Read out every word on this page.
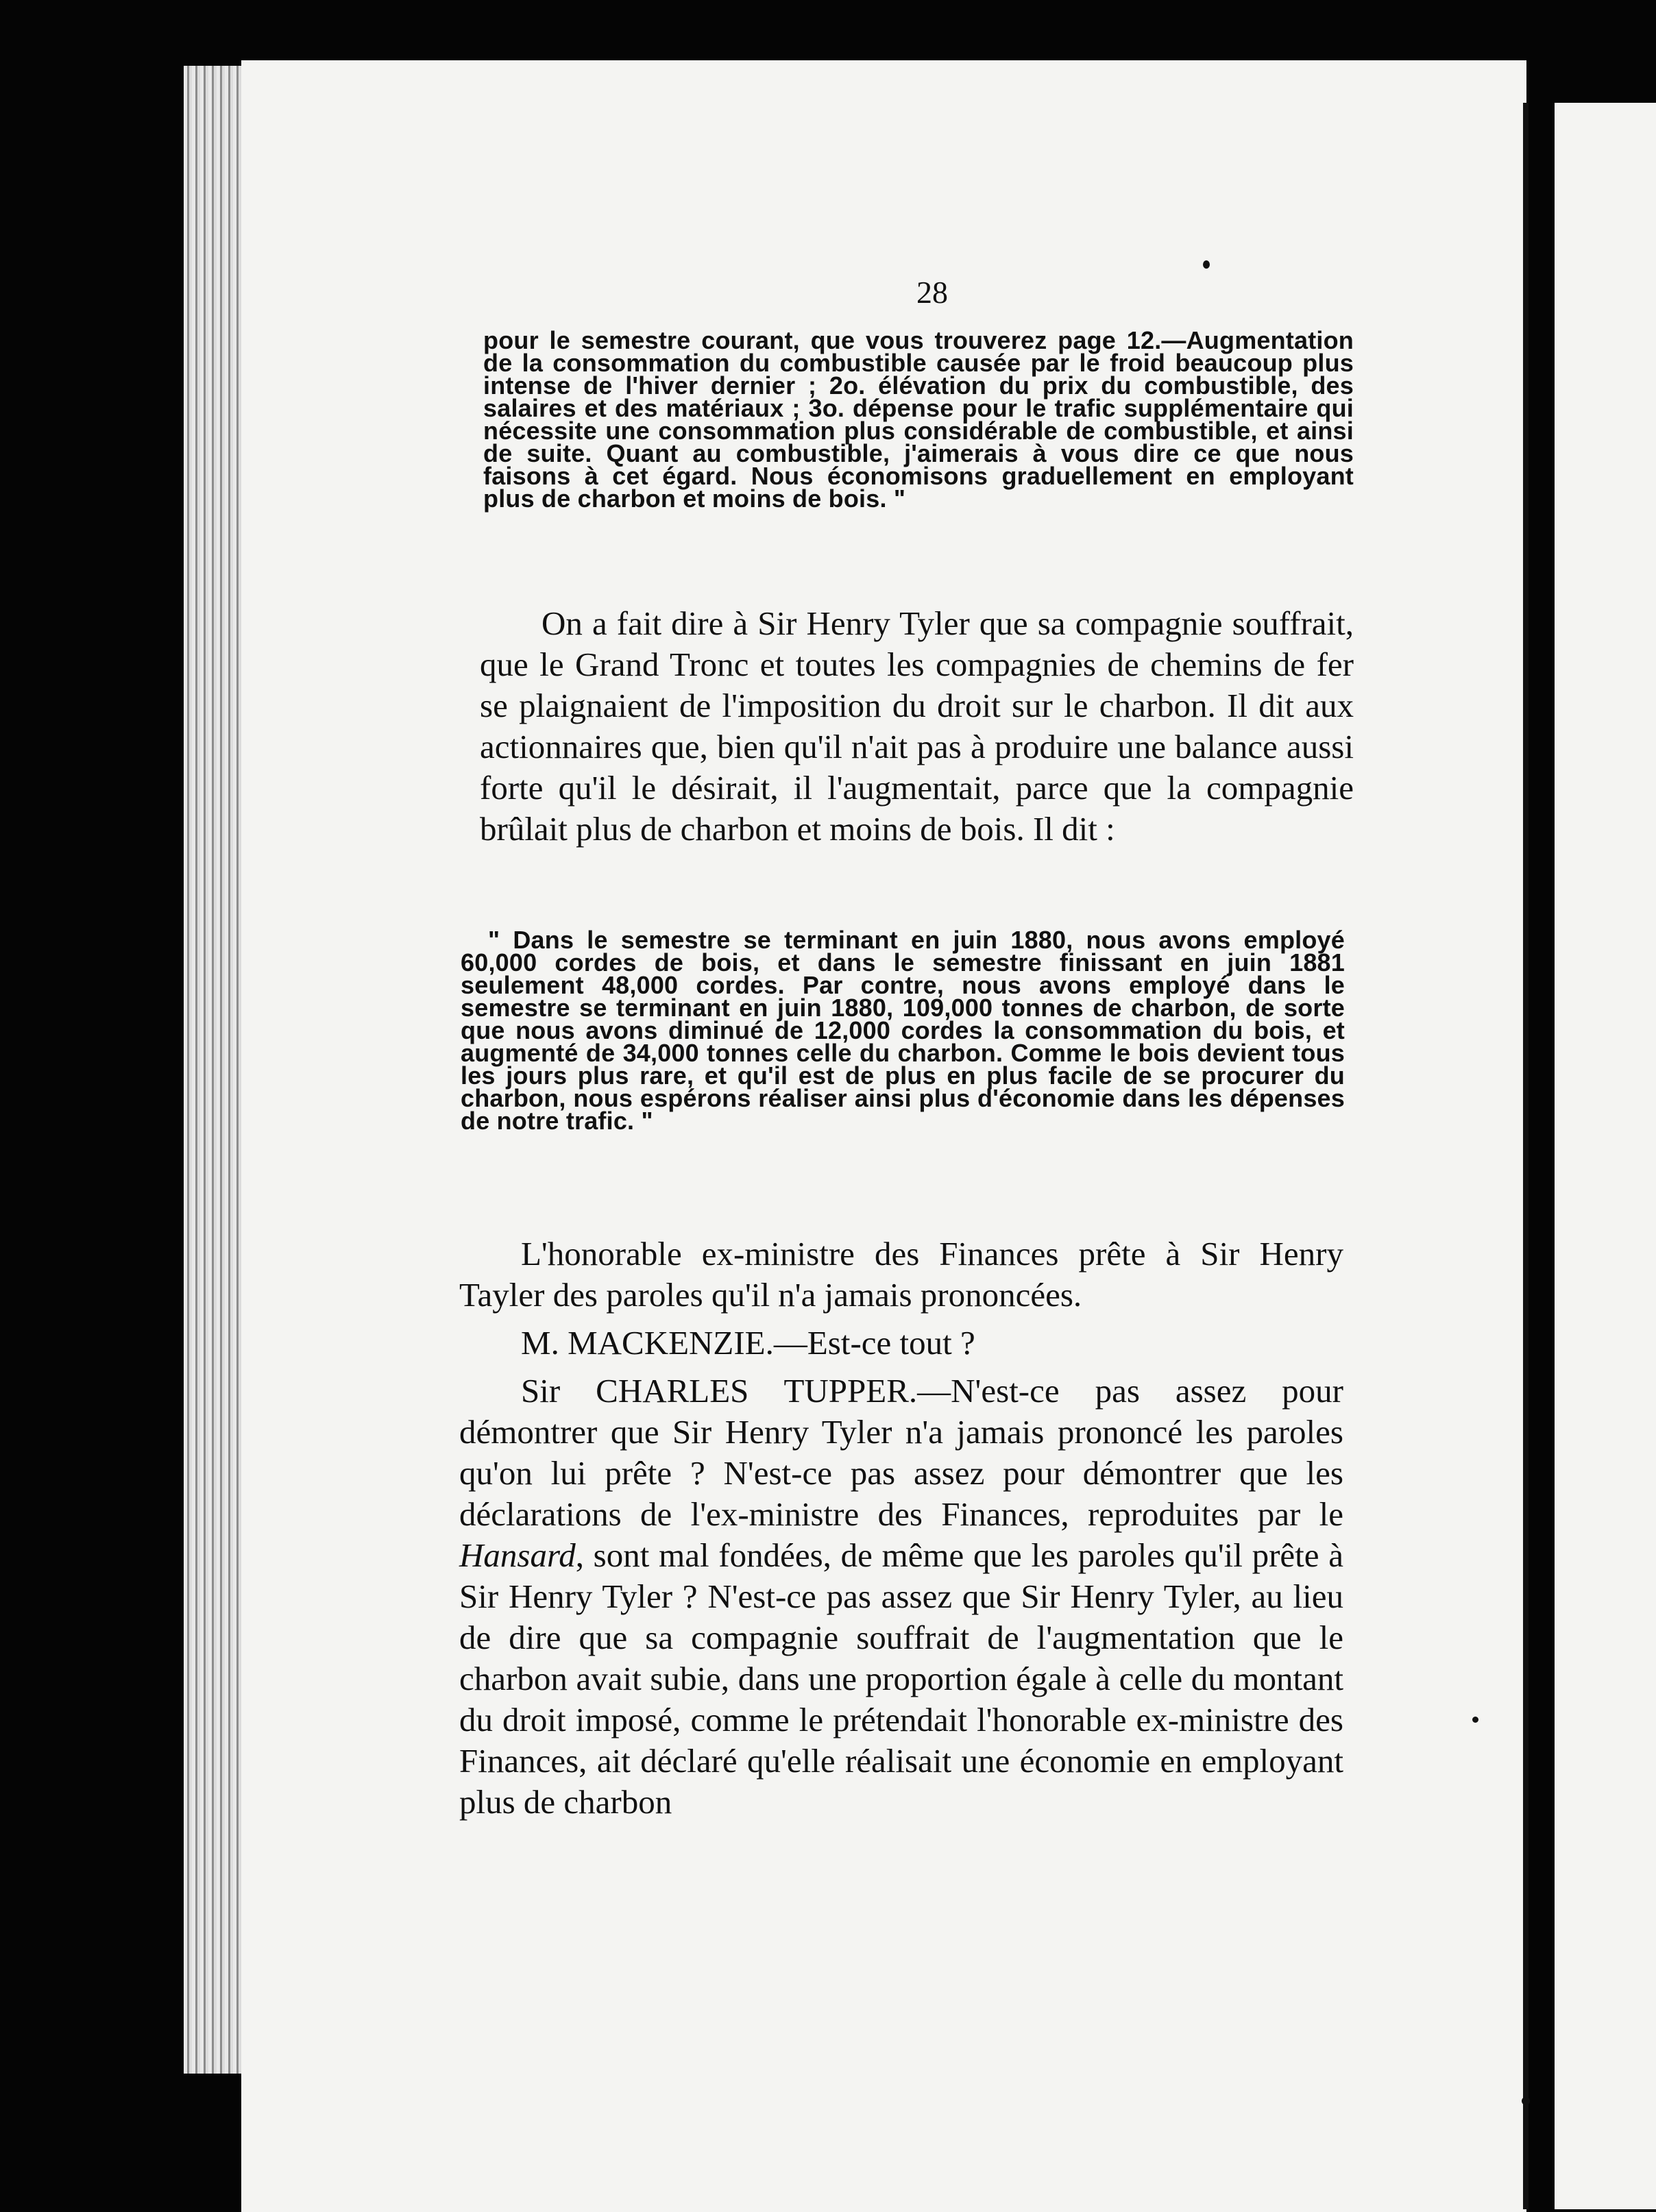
28

pour le semestre courant, que vous trouverez page 12.—Augmentation de la consommation du combustible causée par le froid beaucoup plus intense de l'hiver dernier ; 2o. élévation du prix du combustible, des salaires et des matériaux ; 3o. dépense pour le trafic supplémentaire qui nécessite une consommation plus considérable de combustible, et ainsi de suite. Quant au combustible, j'aimerais à vous dire ce que nous faisons à cet égard. Nous économisons graduellement en employant plus de charbon et moins de bois. "

On a fait dire à Sir Henry Tyler que sa compagnie souffrait, que le Grand Tronc et toutes les compagnies de chemins de fer se plaignaient de l'imposition du droit sur le charbon. Il dit aux actionnaires que, bien qu'il n'ait pas à produire une balance aussi forte qu'il le désirait, il l'augmentait, parce que la compagnie brûlait plus de charbon et moins de bois. Il dit :

" Dans le semestre se terminant en juin 1880, nous avons employé 60,000 cordes de bois, et dans le semestre finissant en juin 1881 seulement 48,000 cordes. Par contre, nous avons employé dans le semestre se terminant en juin 1880, 109,000 tonnes de charbon, de sorte que nous avons diminué de 12,000 cordes la consommation du bois, et augmenté de 34,000 tonnes celle du charbon. Comme le bois devient tous les jours plus rare, et qu'il est de plus en plus facile de se procurer du charbon, nous espérons réaliser ainsi plus d'économie dans les dépenses de notre trafic. "

L'honorable ex-ministre des Finances prête à Sir Henry Tayler des paroles qu'il n'a jamais prononcées.

M. MACKENZIE.—Est-ce tout ?

Sir CHARLES TUPPER.—N'est-ce pas assez pour démontrer que Sir Henry Tyler n'a jamais prononcé les paroles qu'on lui prête ? N'est-ce pas assez pour démontrer que les déclarations de l'ex-ministre des Finances, reproduites par le Hansard, sont mal fondées, de même que les paroles qu'il prête à Sir Henry Tyler ? N'est-ce pas assez que Sir Henry Tyler, au lieu de dire que sa compagnie souffrait de l'augmentation que le charbon avait subie, dans une proportion égale à celle du montant du droit imposé, comme le prétendait l'honorable ex-ministre des Finances, ait déclaré qu'elle réalisait une économie en employant plus de charbon
